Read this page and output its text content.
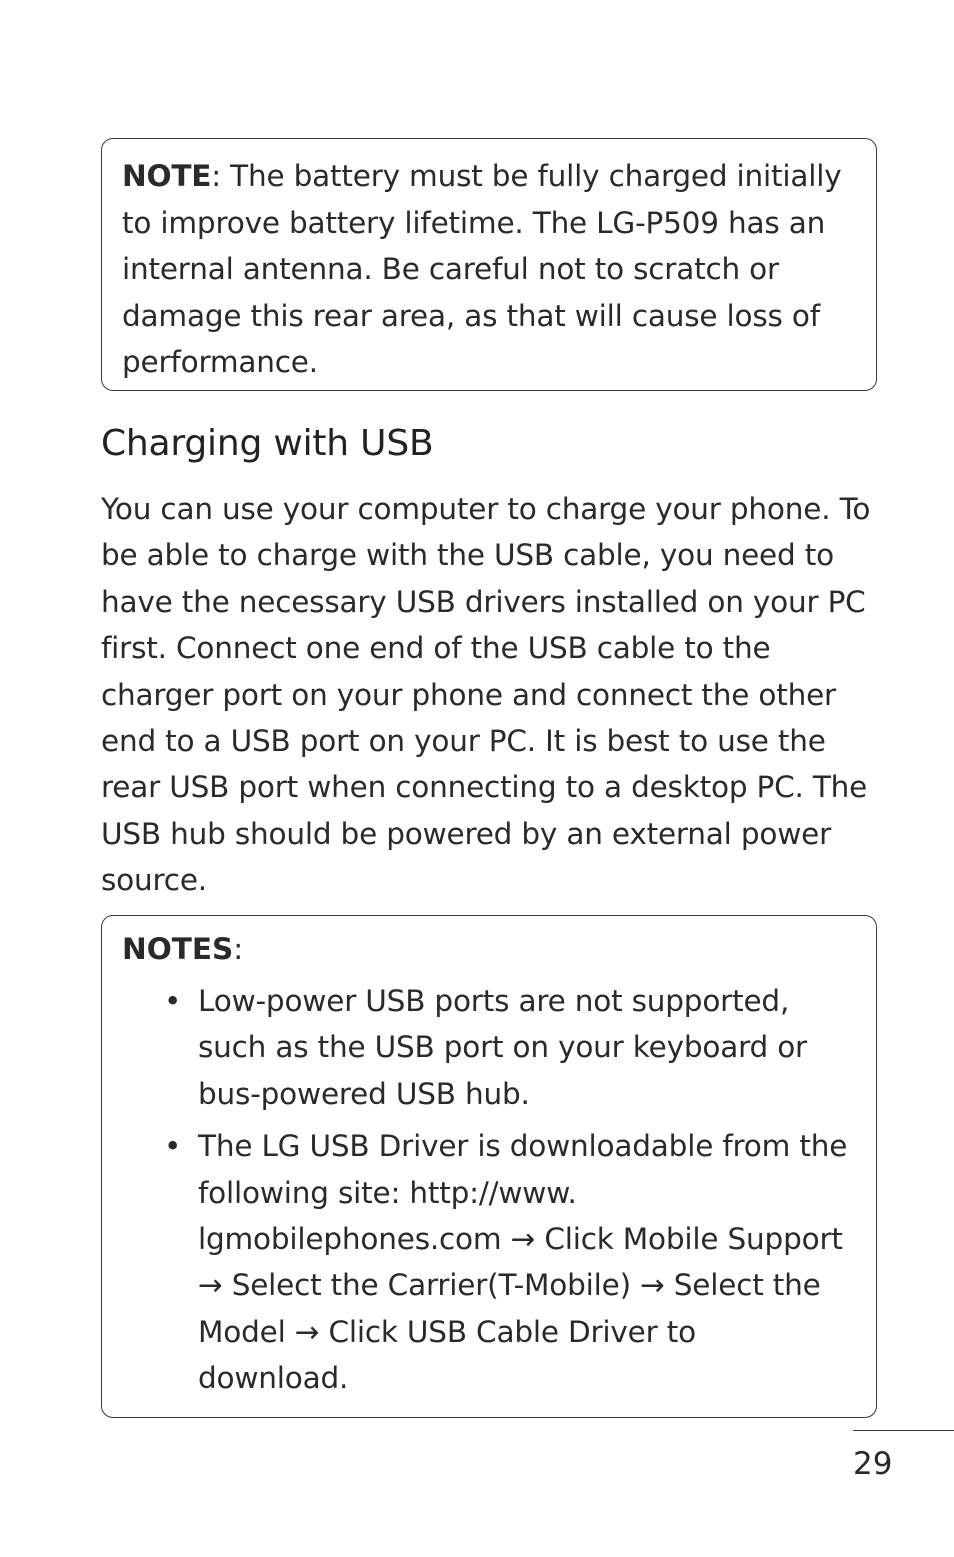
NOTE: The battery must be fully charged initially to improve battery lifetime. The LG-P509 has an internal antenna. Be careful not to scratch or damage this rear area, as that will cause loss of performance.
Charging with USB

You can use your computer to charge your phone. To be able to charge with the USB cable, you need to have the necessary USB drivers installed on your PC first. Connect one end of the USB cable to the charger port on your phone and connect the other end to a USB port on your PC. It is best to use the rear USB port when connecting to a desktop PC. The USB hub should be powered by an external power source.

NOTES:

• Low-power USB ports are not supported, such as the USB port on your keyboard or bus-powered USB hub.
• The LG USB Driver is downloadable from the following site: http://www. lgmobilephones.com → Click Mobile Support → Select the Carrier(T-Mobile) → Select the Model → Click USB Cable Driver to download.
29
